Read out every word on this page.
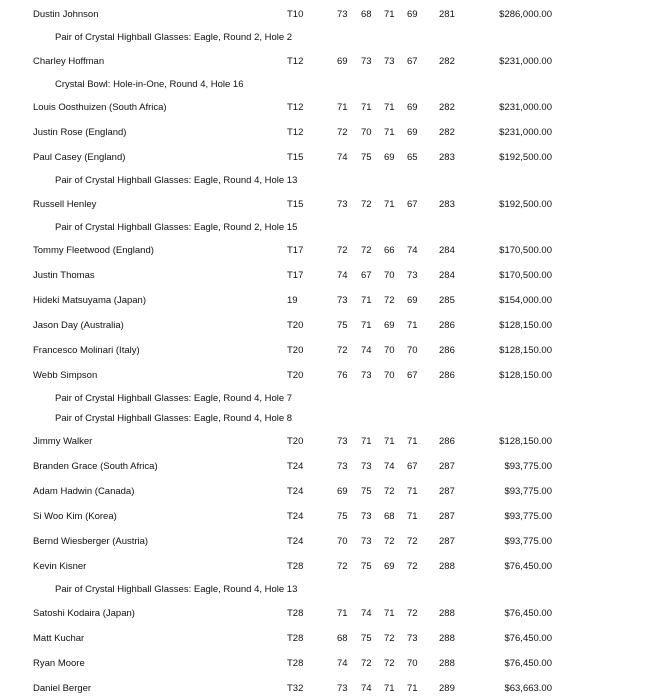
Dustin Johnson	T10	73 68 71 69 281	$286,000.00
Pair of Crystal Highball Glasses: Eagle, Round 2, Hole 2
Charley Hoffman	T12	69 73 73 67 282	$231,000.00
Crystal Bowl: Hole-in-One, Round 4, Hole 16
Louis Oosthuizen (South Africa)	T12	71 71 71 69 282	$231,000.00
Justin Rose (England)	T12	72 70 71 69 282	$231,000.00
Paul Casey (England)	T15	74 75 69 65 283	$192,500.00
Pair of Crystal Highball Glasses: Eagle, Round 4, Hole 13
Russell Henley	T15	73 72 71 67 283	$192,500.00
Pair of Crystal Highball Glasses: Eagle, Round 2, Hole 15
Tommy Fleetwood (England)	T17	72 72 66 74 284	$170,500.00
Justin Thomas	T17	74 67 70 73 284	$170,500.00
Hideki Matsuyama (Japan)	19	73 71 72 69 285	$154,000.00
Jason Day (Australia)	T20	75 71 69 71 286	$128,150.00
Francesco Molinari (Italy)	T20	72 74 70 70 286	$128,150.00
Webb Simpson	T20	76 73 70 67 286	$128,150.00
Pair of Crystal Highball Glasses: Eagle, Round 4, Hole 7
Pair of Crystal Highball Glasses: Eagle, Round 4, Hole 8
Jimmy Walker	T20	73 71 71 71 286	$128,150.00
Branden Grace (South Africa)	T24	73 73 74 67 287	$93,775.00
Adam Hadwin (Canada)	T24	69 75 72 71 287	$93,775.00
Si Woo Kim (Korea)	T24	75 73 68 71 287	$93,775.00
Bernd Wiesberger (Austria)	T24	70 73 72 72 287	$93,775.00
Kevin Kisner	T28	72 75 69 72 288	$76,450.00
Pair of Crystal Highball Glasses: Eagle, Round 4, Hole 13
Satoshi Kodaira (Japan)	T28	71 74 71 72 288	$76,450.00
Matt Kuchar	T28	68 75 72 73 288	$76,450.00
Ryan Moore	T28	74 72 72 70 288	$76,450.00
Daniel Berger	T32	73 74 71 71 289	$63,663.00
